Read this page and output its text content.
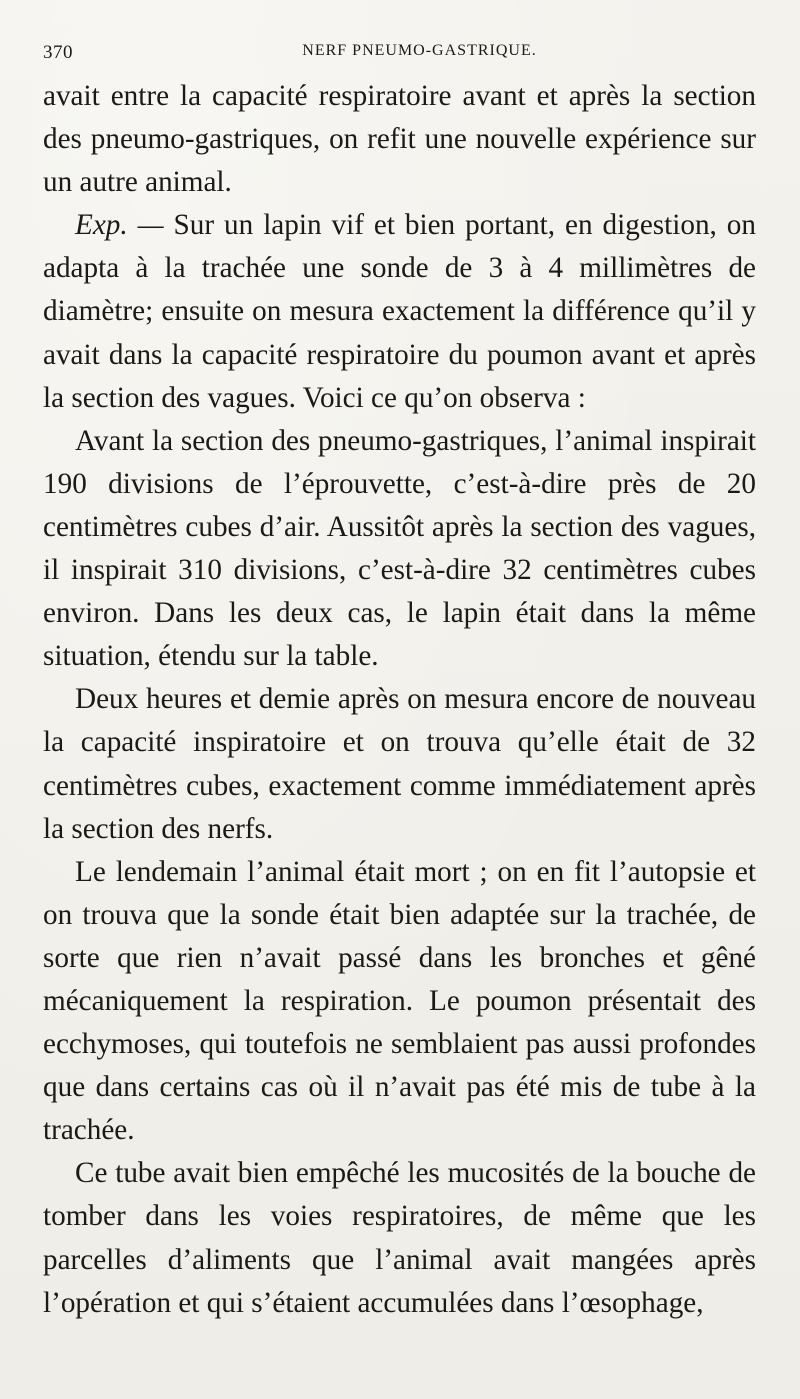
370	NERF PNEUMO-GASTRIQUE.

avait entre la capacité respiratoire avant et après la section des pneumo-gastriques, on refit une nouvelle expérience sur un autre animal.

Exp. — Sur un lapin vif et bien portant, en digestion, on adapta à la trachée une sonde de 3 à 4 millimètres de diamètre; ensuite on mesura exactement la différence qu’il y avait dans la capacité respiratoire du poumon avant et après la section des vagues. Voici ce qu’on observa :

Avant la section des pneumo-gastriques, l’animal inspirait 190 divisions de l’éprouvette, c’est-à-dire près de 20 centimètres cubes d’air. Aussitôt après la section des vagues, il inspirait 310 divisions, c’est-à-dire 32 centimètres cubes environ. Dans les deux cas, le lapin était dans la même situation, étendu sur la table.

Deux heures et demie après on mesura encore de nouveau la capacité inspiratoire et on trouva qu’elle était de 32 centimètres cubes, exactement comme immédiatement après la section des nerfs.

Le lendemain l’animal était mort ; on en fit l’autopsie et on trouva que la sonde était bien adaptée sur la trachée, de sorte que rien n’avait passé dans les bronches et gêné mécaniquement la respiration. Le poumon présentait des ecchymoses, qui toutefois ne semblaient pas aussi profondes que dans certains cas où il n’avait pas été mis de tube à la trachée.

Ce tube avait bien empêché les mucosités de la bouche de tomber dans les voies respiratoires, de même que les parcelles d’aliments que l’animal avait mangées après l’opération et qui s’étaient accumulées dans l’œsophage,
